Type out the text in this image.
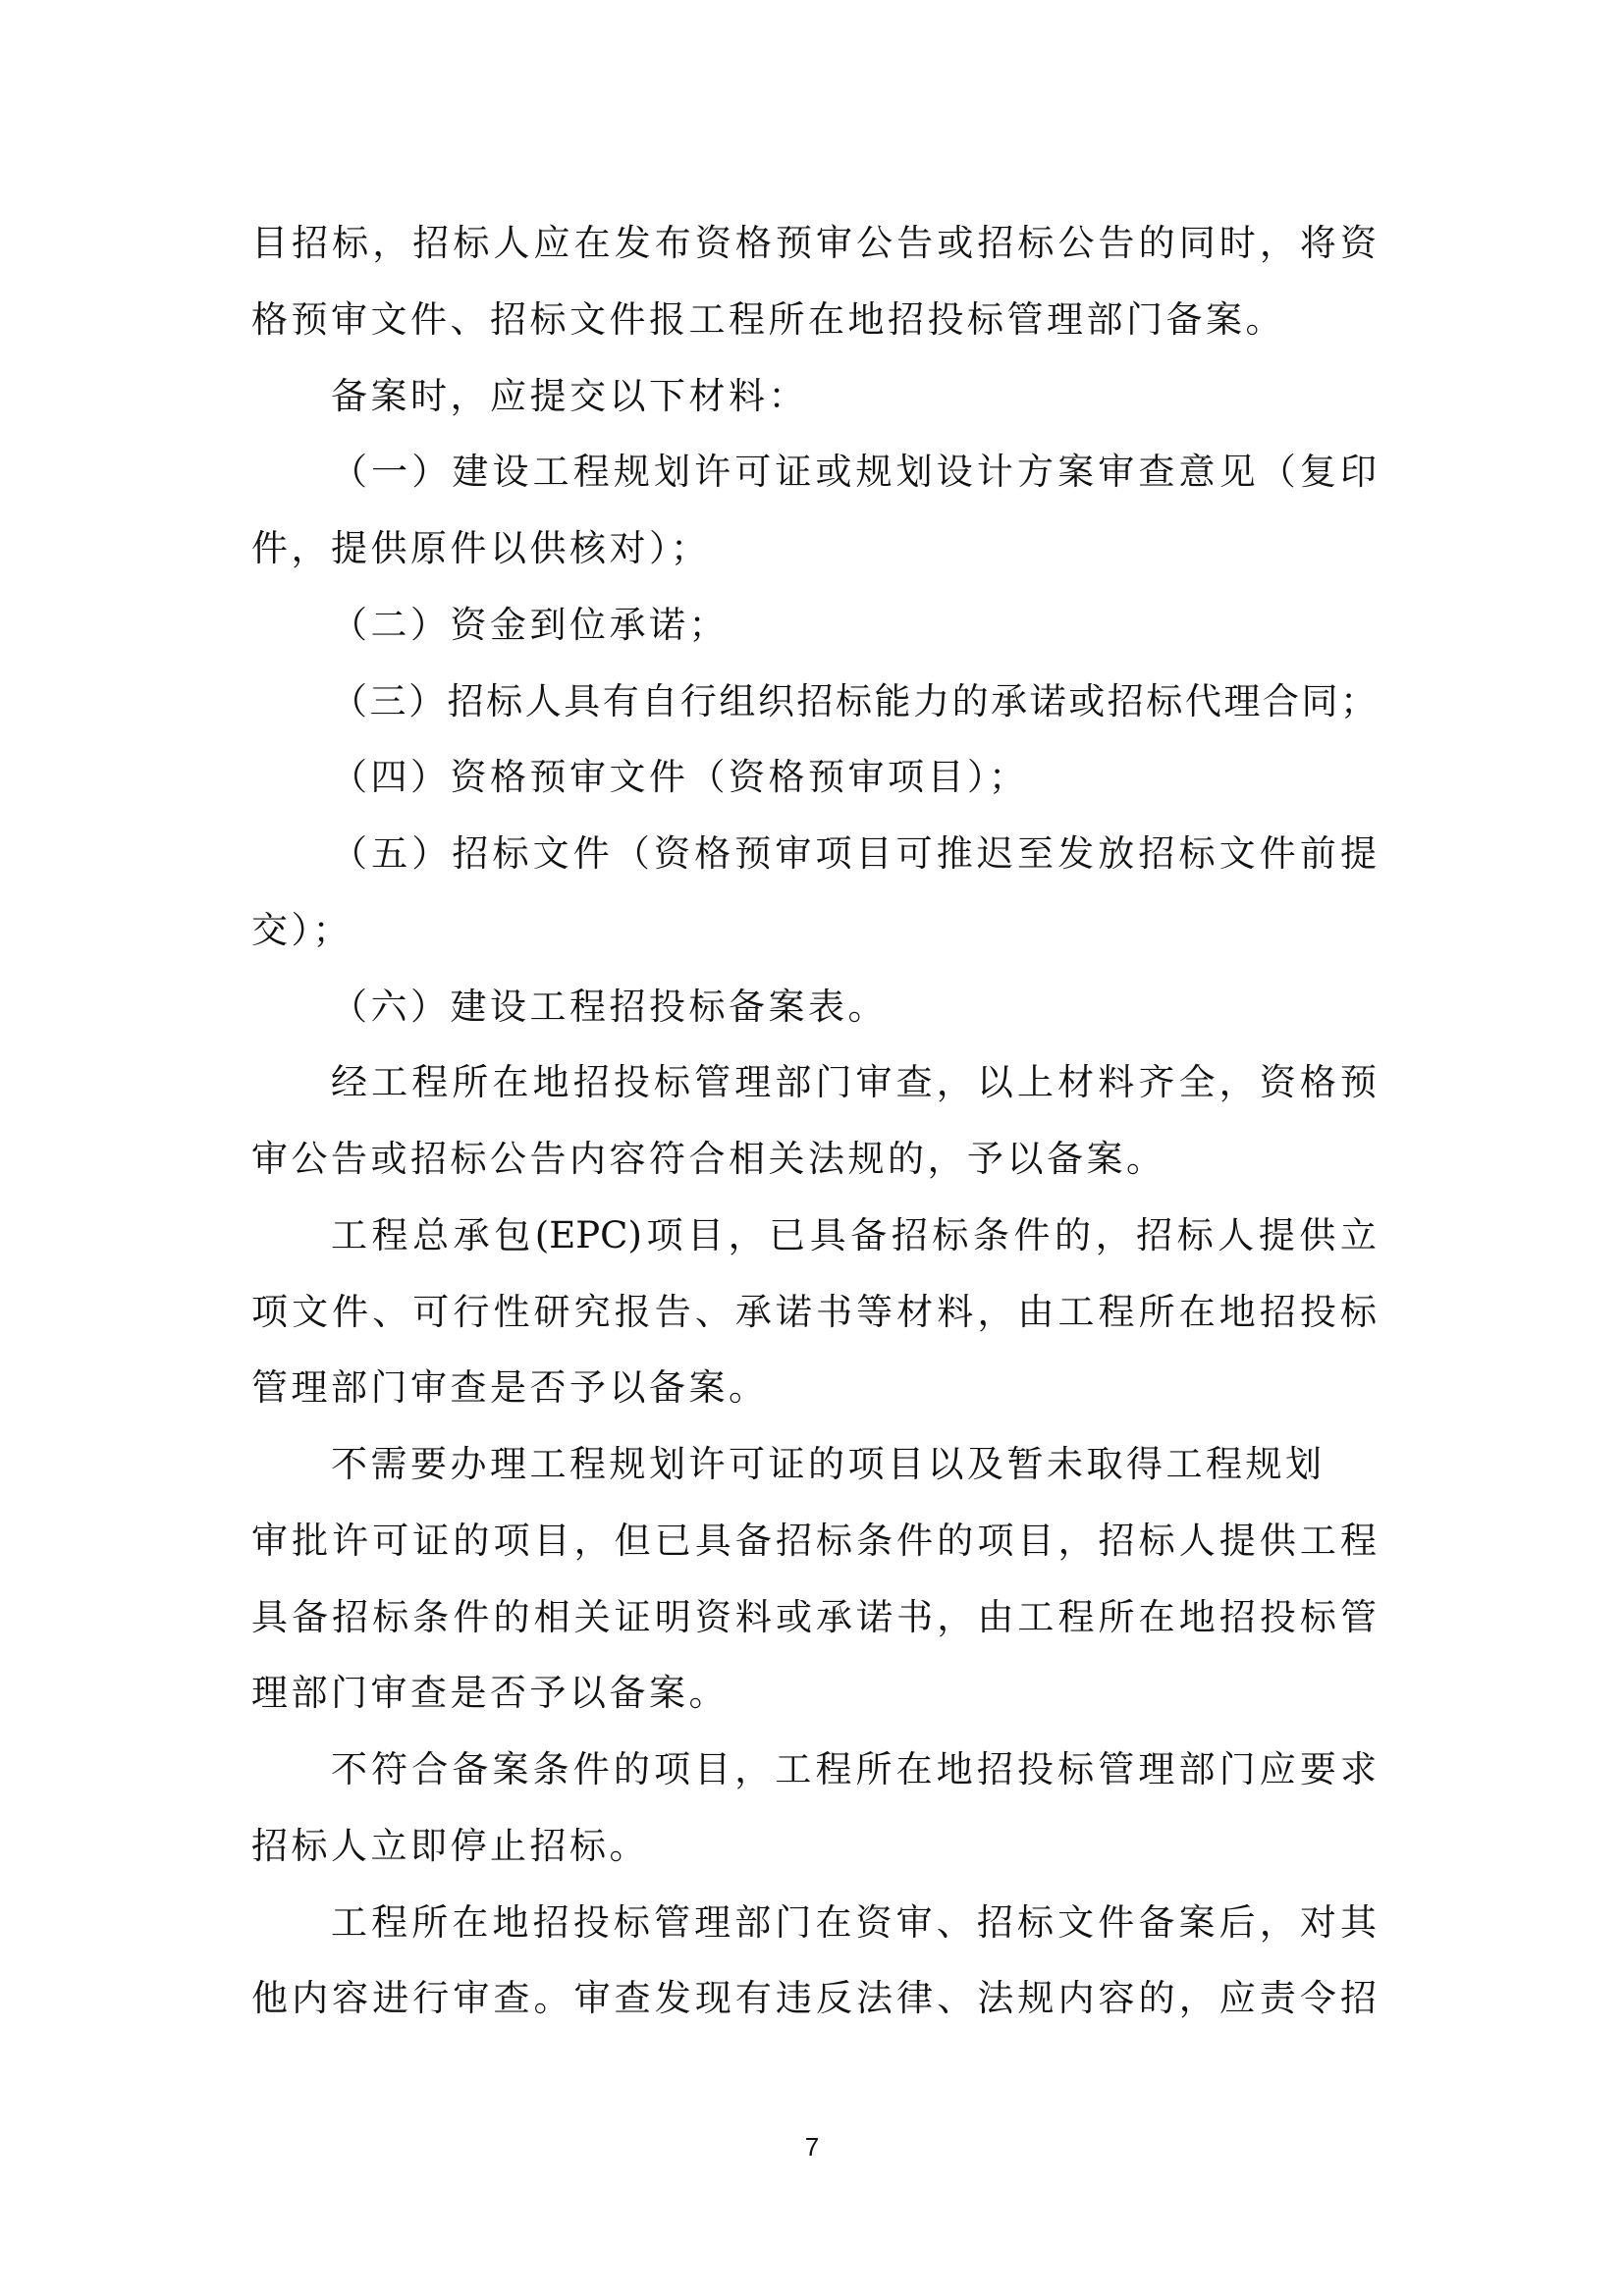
目招标，招标人应在发布资格预审公告或招标公告的同时，将资
格预审文件、招标文件报工程所在地招投标管理部门备案。
备案时，应提交以下材料：
（一）建设工程规划许可证或规划设计方案审查意见（复印
件，提供原件以供核对）；
（二）资金到位承诺；
（三）招标人具有自行组织招标能力的承诺或招标代理合同；
（四）资格预审文件（资格预审项目）；
（五）招标文件（资格预审项目可推迟至发放招标文件前提
交）；
（六）建设工程招投标备案表。
经工程所在地招投标管理部门审查，以上材料齐全，资格预
审公告或招标公告内容符合相关法规的，予以备案。
工程总承包(EPC)项目，已具备招标条件的，招标人提供立
项文件、可行性研究报告、承诺书等材料，由工程所在地招投标
管理部门审查是否予以备案。
不需要办理工程规划许可证的项目以及暂未取得工程规划
审批许可证的项目，但已具备招标条件的项目，招标人提供工程
具备招标条件的相关证明资料或承诺书，由工程所在地招投标管
理部门审查是否予以备案。
不符合备案条件的项目，工程所在地招投标管理部门应要求
招标人立即停止招标。
工程所在地招投标管理部门在资审、招标文件备案后，对其
他内容进行审查。审查发现有违反法律、法规内容的，应责令招
7
